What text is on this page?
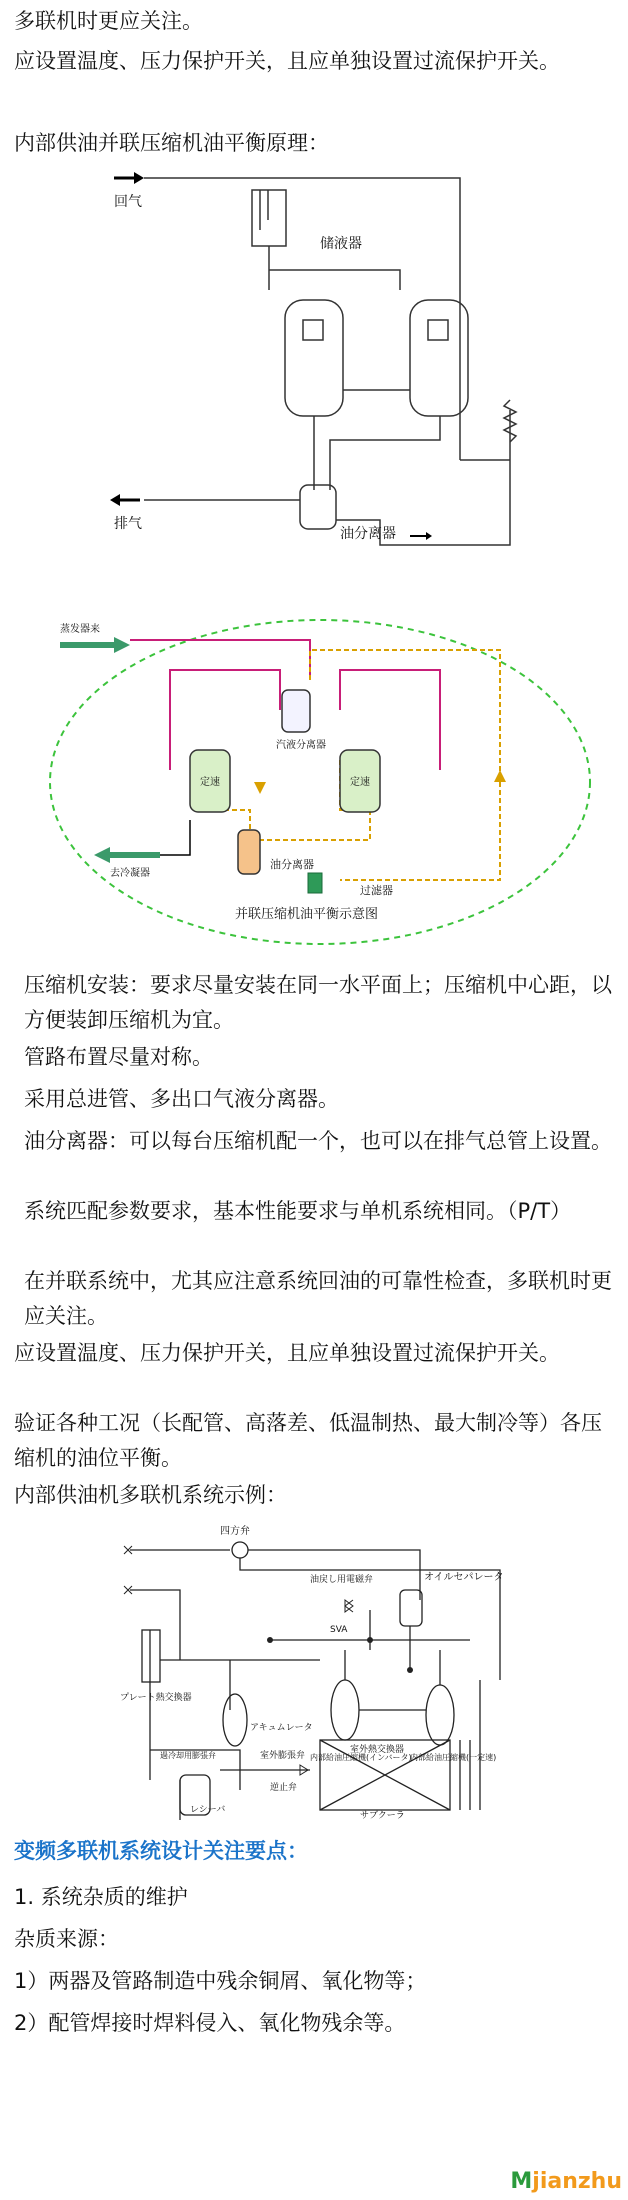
多联机时更应关注。

应设置温度、压力保护开关，且应单独设置过流保护开关。

内部供油并联压缩机油平衡原理：

回气
储液器
排气
油分离器
蒸发器来
去冷凝器
汽液分离器
定速	定速
油分离器
过滤器
并联压缩机油平衡示意图

压缩机安装：要求尽量安装在同一水平面上；压缩机中心距，以方便装卸压缩机为宜。

管路布置尽量对称。

采用总进管、多出口气液分离器。

油分离器：可以每台压缩机配一个，也可以在排气总管上设置。

系统匹配参数要求，基本性能要求与单机系统相同。（P/T）

在并联系统中，尤其应注意系统回油的可靠性检查，多联机时更应关注。

应设置温度、压力保护开关，且应单独设置过流保护开关。

验证各种工况（长配管、高落差、低温制热、最大制冷等）各压缩机的油位平衡。

内部供油机多联机系统示例：

四方弁
オイルセパレータ
油戻し用電磁弁
SVA
プレート熱交換器
アキュムレータ
内部給油圧縮機(インバータ)
内部給油圧縮機(一定速)
過冷却用膨張弁	室外膨張弁
室外熱交換器
レシーバ
逆止弁
サブクーラ

变频多联机系统设计关注要点：

1. 系统杂质的维护

杂质来源：

1）两器及管路制造中残余铜屑、氧化物等；

2）配管焊接时焊料侵入、氧化物残余等。

Mjianzhu
